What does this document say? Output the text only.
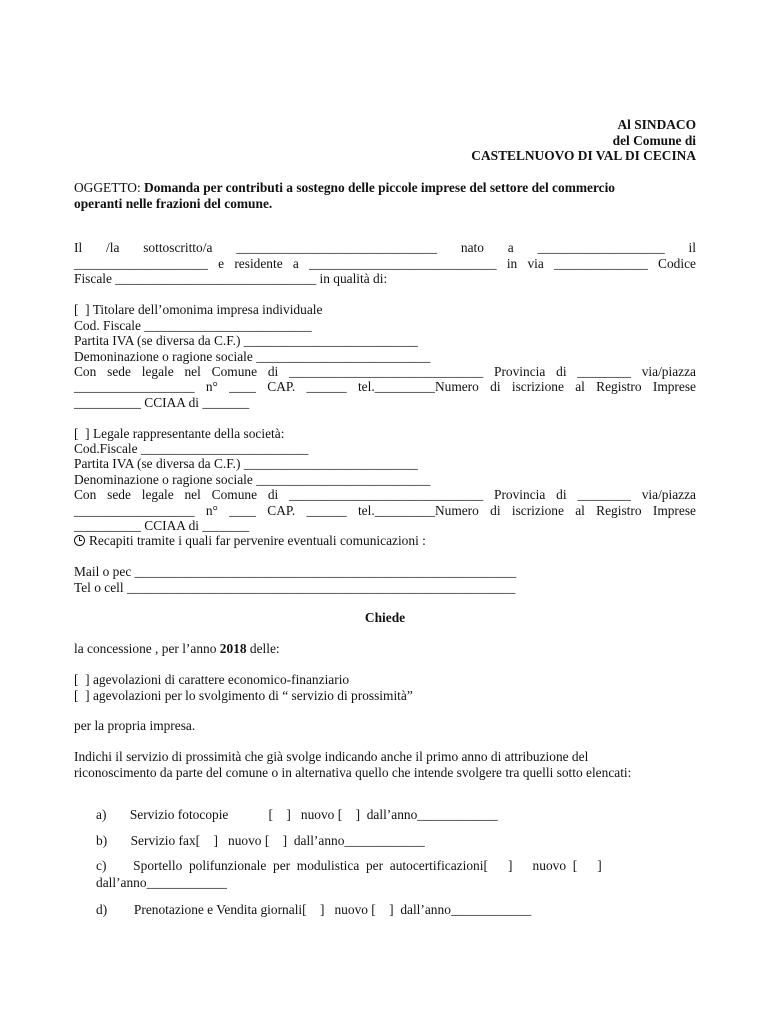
Al SINDACO
del Comune di
CASTELNUOVO DI VAL DI CECINA
OGGETTO: Domanda per contributi a sostegno delle piccole imprese del settore del commercio
operanti nelle frazioni del comune.
Il /la sottoscritto/a ______________________________ nato a ___________________ il
____________________ e residente a ____________________________ in via ______________ Codice
Fiscale ______________________________ in qualità di:
[  ] Titolare dell’omonima impresa individuale
Cod. Fiscale _________________________
Partita IVA (se diversa da C.F.) __________________________
Demoninazione o ragione sociale __________________________
Con sede legale nel Comune di _____________________________ Provincia di ________ via/piazza
__________________ n° ____ CAP. ______ tel._________Numero di iscrizione al Registro Imprese
__________ CCIAA di _______
[  ] Legale rappresentante della società:
Cod.Fiscale _________________________
Partita IVA (se diversa da C.F.) __________________________
Denominazione o ragione sociale __________________________
Con sede legale nel Comune di _____________________________ Provincia di ________ via/piazza
__________________ n° ____ CAP. ______ tel._________Numero di iscrizione al Registro Imprese
__________ CCIAA di _______
Recapiti tramite i quali far pervenire eventuali comunicazioni :
Mail o pec _________________________________________________________
Tel o cell __________________________________________________________
Chiede
la concessione , per l’anno 2018 delle:
[  ] agevolazioni di carattere economico-finanziario
[  ] agevolazioni per lo svolgimento di “ servizio di prossimità”
per la propria impresa.
Indichi il servizio di prossimità che già svolge indicando anche il primo anno di attribuzione del
riconoscimento da parte del comune o in alternativa quello che intende svolgere tra quelli sotto elencati:
a)       Servizio fotocopie            [    ]   nuovo [    ]  dall’anno____________
b)       Servizio fax[    ]   nuovo [    ]  dall’anno____________
c)        Sportello  polifunzionale  per  modulistica  per  autocertificazioni[      ]      nuovo  [      ]
dall’anno____________
d)        Prenotazione e Vendita giornali[    ]   nuovo [    ]  dall’anno____________
